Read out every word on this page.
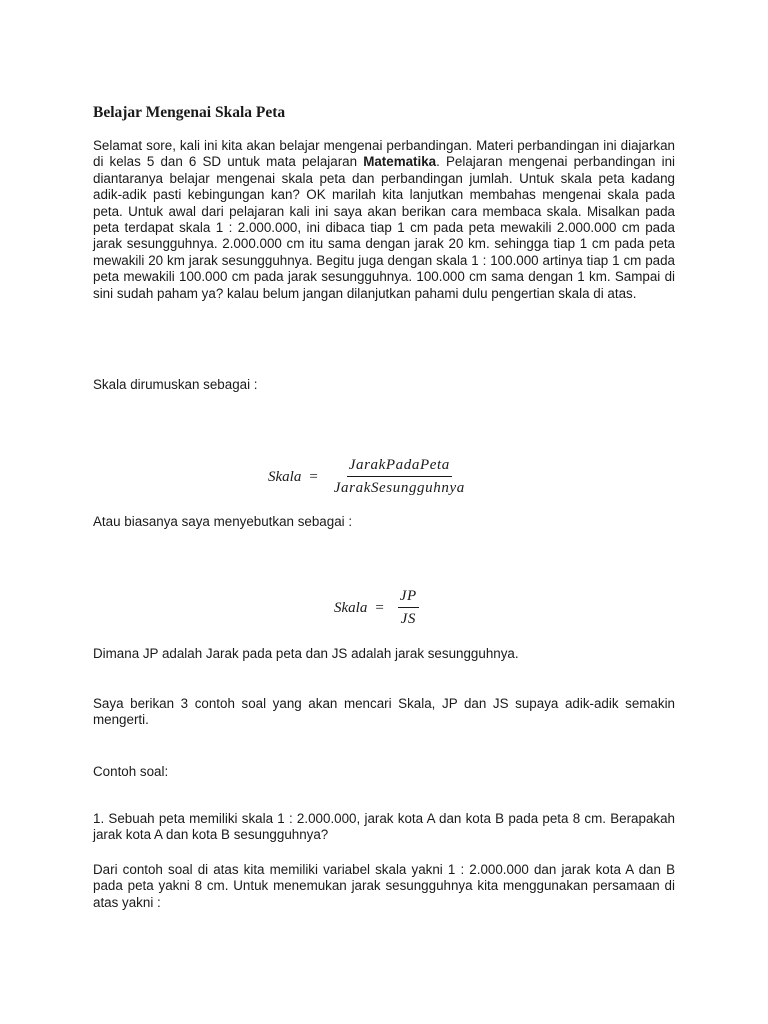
Belajar Mengenai Skala Peta

Selamat sore, kali ini kita akan belajar mengenai perbandingan. Materi perbandingan ini diajarkan di kelas 5 dan 6 SD untuk mata pelajaran Matematika. Pelajaran mengenai perbandingan ini diantaranya belajar mengenai skala peta dan perbandingan jumlah. Untuk skala peta kadang adik-adik pasti kebingungan kan? OK marilah kita lanjutkan membahas mengenai skala pada peta. Untuk awal dari pelajaran kali ini saya akan berikan cara membaca skala. Misalkan pada peta terdapat skala 1 : 2.000.000, ini dibaca tiap 1 cm pada peta mewakili 2.000.000 cm pada jarak sesungguhnya. 2.000.000 cm itu sama dengan jarak 20 km. sehingga tiap 1 cm pada peta mewakili 20 km jarak sesungguhnya. Begitu juga dengan skala 1 : 100.000 artinya tiap 1 cm pada peta mewakili 100.000 cm pada jarak sesungguhnya. 100.000 cm sama dengan 1 km. Sampai di sini sudah paham ya? kalau belum jangan dilanjutkan pahami dulu pengertian skala di atas.

Skala dirumuskan sebagai :

Skala = $\frac{\text{JarakPadaPeta}}{\text{JarakSesungguhnya}}$

Atau biasanya saya menyebutkan sebagai :

Skala = $\frac{JP}{JS}$

Dimana JP adalah Jarak pada peta dan JS adalah jarak sesungguhnya.

Saya berikan 3 contoh soal yang akan mencari Skala, JP dan JS supaya adik-adik semakin mengerti.

Contoh soal:

1. Sebuah peta memiliki skala 1 : 2.000.000, jarak kota A dan kota B pada peta 8 cm. Berapakah jarak kota A dan kota B sesungguhnya?

Dari contoh soal di atas kita memiliki variabel skala yakni 1 : 2.000.000 dan jarak kota A dan B pada peta yakni 8 cm. Untuk menemukan jarak sesungguhnya kita menggunakan persamaan di atas yakni :
